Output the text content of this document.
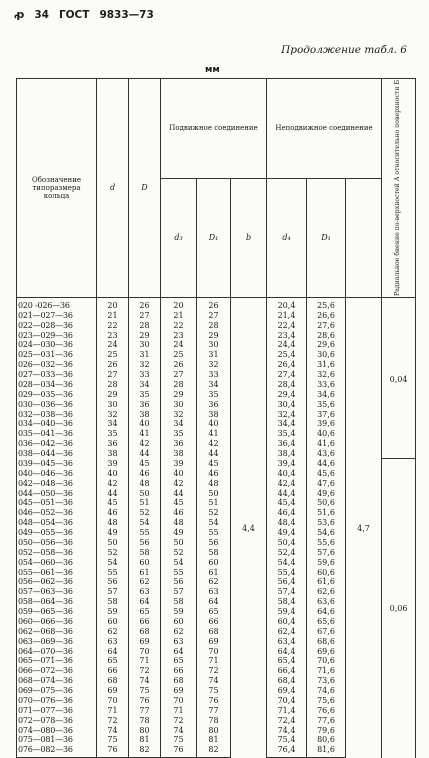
ꝓ 34 ГОСТ 9833—73
Продолжение табл. 6
мм
Обозначение типоразмера кольца	d	D	Подвижное соединение			Неподвижное соединение			Радиальное биение по-верхностей А относительно поверхности Б

			d₃	D₁	b	d₄	D₁		
020 -026—36	20	26	20	26	4,4	20,4	25,6	4,7	0,04
021—027—36	21	27	21	27		21,4	26,6		
022—028—36	22	28	22	28		22,4	27,6		
023—029—36	23	29	23	29		23,4	28,6		
024—030—36	24	30	24	30		24,4	29,6		
025—031—36	25	31	25	31		25,4	30,6		
026—032—36	26	32	26	32		26,4	31,6		
027—033—36	27	33	27	33		27,4	32,6		
028—034—36	28	34	28	34		28,4	33,6		
029—035—36	29	35	29	35		29,4	34,6		
030—036—36	30	36	30	36		30,4	35,6		
032—038—36	32	38	32	38		32,4	37,6		
034—040—36	34	40	34	40		34,4	39,6		
035—041—36	35	41	35	41		35,4	40,6		
036—042—36	36	42	36	42		36,4	41,6		
038—044—36	38	44	38	44		38,4	43,6		
039—045—36	39	45	39	45		39,4	44,6		0,06
040—046—36	40	46	40	46		40,4	45,6		
042—048—36	42	48	42	48		42,4	47,6		
044—050—36	44	50	44	50		44,4	49,6		
045—051—36	45	51	45	51		45,4	50,6		
046—052—36	46	52	46	52		46,4	51,6		
048—054—36	48	54	48	54		48,4	53,6		
049—055—36	49	55	49	55		49,4	54,6		
050—056—36	50	56	50	56		50,4	55,6		
052—058—36	52	58	52	58		52,4	57,6		
054—060—36	54	60	54	60		54,4	59,6		
055—061—36	55	61	55	61		55,4	60,6		
056—062—36	56	62	56	62		56,4	61,6		
057—063—36	57	63	57	63		57,4	62,6		
058—064—36	58	64	58	64		58,4	63,6		
059—065—36	59	65	59	65		59,4	64,6		
060—066—36	60	66	60	66		60,4	65,6		
062—068—36	62	68	62	68		62,4	67,6		
063—069—36	63	69	63	69		63,4	68,6		
064—070—36	64	70	64	70		64,4	69,6		
065—071—36	65	71	65	71		65,4	70,6		
066—072—36	66	72	66	72		66,4	71,6		
068—074—36	68	74	68	74		68,4	73,6		
069—075—36	69	75	69	75		69,4	74,6		
070—076—36	70	76	70	76		70,4	75,6		
071—077—36	71	77	71	77		71,4	76,6		
072—078—36	72	78	72	78		72,4	77,6		
074—080—36	74	80	74	80		74,4	79,6		
075—081—36	75	81	75	81		75,4	80,6		
076—082—36	76	82	76	82		76,4	81,6		
